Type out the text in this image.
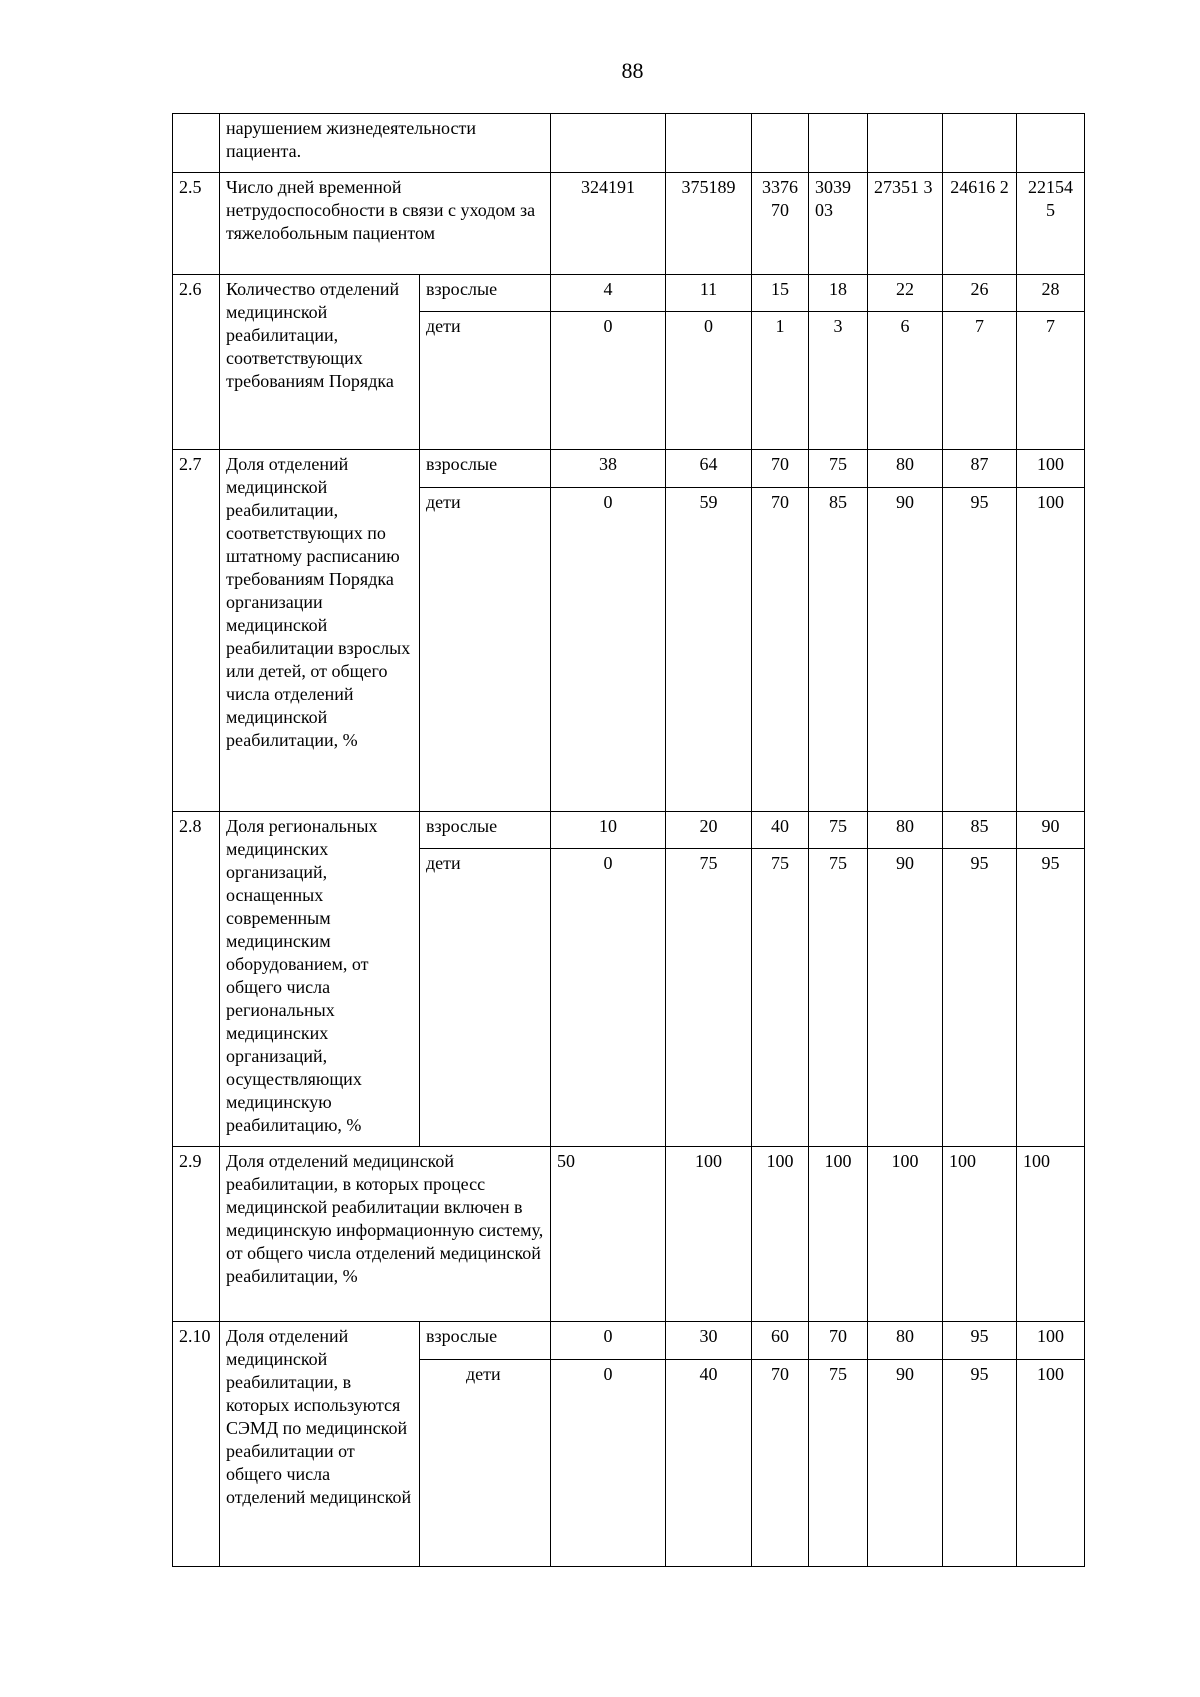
88
	нарушением жизнедеятельности пациента.								
2.5	Число дней временной нетрудоспособности в связи с уходом за тяжелобольным пациентом		324191	375189	3376 70	3039 03	27351 3	24616 2	22154 5
2.6	Количество отделений медицинской реабилитации, соответствующих требованиям Порядка	взрослые	4	11	15	18	22	26	28
		дети	0	0	1	3	6	7	7
2.7	Доля отделений медицинской реабилитации, соответствующих по штатному расписанию требованиям Порядка организации медицинской реабилитации взрослых или детей, от общего числа отделений медицинской реабилитации, %	взрослые	38	64	70	75	80	87	100
		дети	0	59	70	85	90	95	100
2.8	Доля региональных медицинских организаций, оснащенных современным медицинским оборудованием, от общего числа региональных медицинских организаций, осуществляющих медицинскую реабилитацию, %	взрослые	10	20	40	75	80	85	90
		дети	0	75	75	75	90	95	95
2.9	Доля отделений медицинской реабилитации, в которых процесс медицинской реабилитации включен в медицинскую информационную систему, от общего числа отделений медицинской реабилитации, %		50	100	100	100	100	100	100
2.10	Доля отделений медицинской реабилитации, в которых используются СЭМД по медицинской реабилитации от общего числа отделений медицинской	взрослые	0	30	60	70	80	95	100
		дети	0	40	70	75	90	95	100
